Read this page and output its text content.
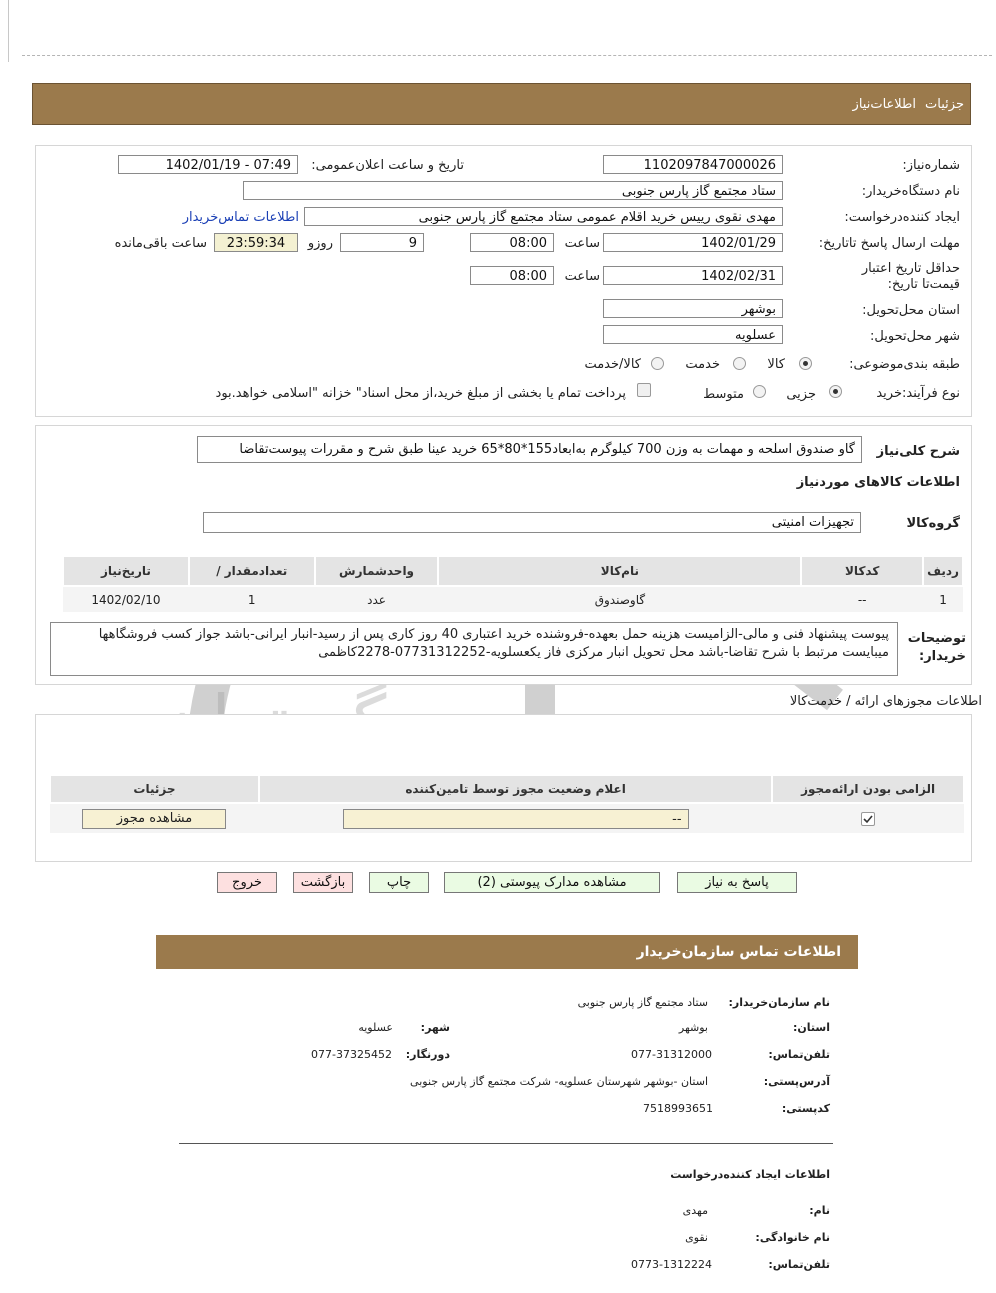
جزئیات
اطلاعات‌نیاز
شماره‌نیاز:
1102097847000026
تاریخ و ساعت اعلان‌عمومی:
1402/01/19 - 07:49
نام دستگاه‌خریدار:
ستاد مجتمع گاز پارس جنوبی
ایجاد کننده‌درخواست:
مهدی نقوی رییس خرید اقلام عمومی ستاد مجتمع گاز پارس جنوبی
اطلاعات تماس‌خریدار
مهلت ارسال پاسخ تا‌تاریخ:
1402/01/29
ساعت
08:00
9
روزو
23:59:34
ساعت باقی‌مانده
حداقل تاریخ اعتبار قیمت‌تا تاریخ:
1402/02/31
ساعت
08:00
استان محل‌تحویل:
بوشهر
شهر محل‌تحویل:
عسلویه
طبقه بندی‌موضوعی:
کالا
خدمت
کالا/خدمت
نوع فرآیند:
خرید
جزیی
متوسط
پرداخت تمام یا بخشی از مبلغ خرید،از محل اسناد" خزانه "اسلامی خواهد.بود
شرح کلی‌نیاز
گاو صندوق اسلحه و مهمات به وزن 700 کیلوگرم به‌ابعاد155*80*65 خرید عینا طبق شرح و مقررات پیوست‌تقاضا
اطلاعات کالاهای موردنیاز
گروه‌کالا
تجهیزات امنیتی
ردیف	کدکالا	نام‌کالا	واحدشمارش	تعدادمقدار /	تاریخ‌نیاز
1	--	گاوصندوق	عدد	1	1402/02/10
توضیحات خریدار:
پیوست پیشنهاد فنی و مالی-الزامیست هزینه حمل بعهده-فروشنده خرید اعتباری 40 روز کاری پس از رسید-انبار ایرانی-باشد جواز کسب فروشگاهها میبایست مرتبط با شرح تقاضا-باشد محل تحویل انبار مرکزی فاز یکعسلویه-07731312252-2278کاظمی
اطلاعات مجوزهای ارائه / خدمت‌کالا
الزامی بودن ارائه‌مجوز	اعلام وضعیت مجوز توسط تامین‌کننده	جزئیات

	--	مشاهده مجوز
پاسخ به نیاز
مشاهده مدارک پیوستی (2)
چاپ
بازگشت
خروج
اطلاعات تماس سازمان‌خریدار
نام سازمان‌خریدار:
ستاد مجتمع گاز پارس جنوبی
استان:
بوشهر
شهر:
عسلویه
تلفن‌تماس:
077-31312000
دورنگار:
077-37325452
آدرس‌پستی:
استان -بوشهر شهرستان عسلویه- شرکت مجتمع گاز پارس جنوبی
کد‌پستی:
7518993651
اطلاعات ایجاد کننده‌درخواست
نام:
مهدی
نام خانوادگی:
نقوی
تلفن‌تماس:
0773-1312224
